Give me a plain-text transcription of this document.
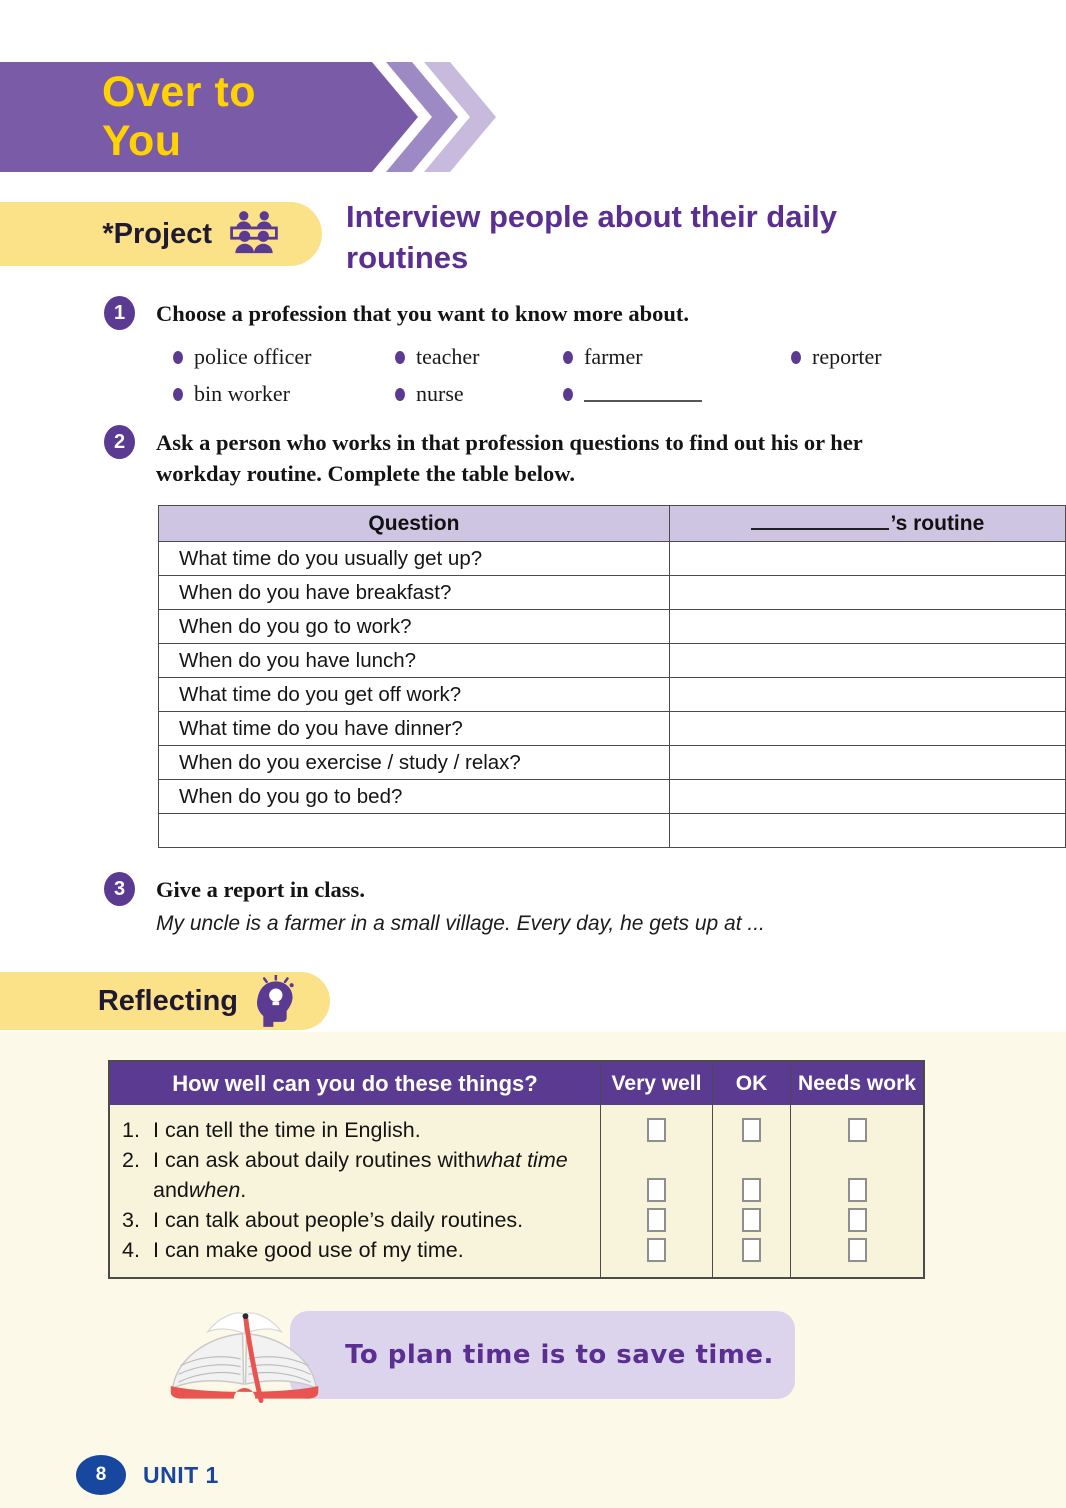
Over to You
*Project	Interview people about their daily
routines
1	Choose a profession that you want to know more about.
police officer	teacher	farmer	reporter
bin worker	nurse
2	Ask a person who works in that profession questions to find out his or her
workday routine. Complete the table below.
Question	’s routine
What time do you usually get up?	
When do you have breakfast?	
When do you go to work?	
When do you have lunch?	
What time do you get off work?	
What time do you have dinner?	
When do you exercise / study / relax?	
When do you go to bed?	

3	Give a report in class.
My uncle is a farmer in a small village. Every day, he gets up at ...
Reflecting
How well can you do these things?	Very well	OK	Needs work
1. I can tell the time in English.
2. I can ask about daily routines with what time
and when .
3. I can talk about people’s daily routines.
4. I can make good use of my time.
To plan time is to save time.
8	UNIT 1
